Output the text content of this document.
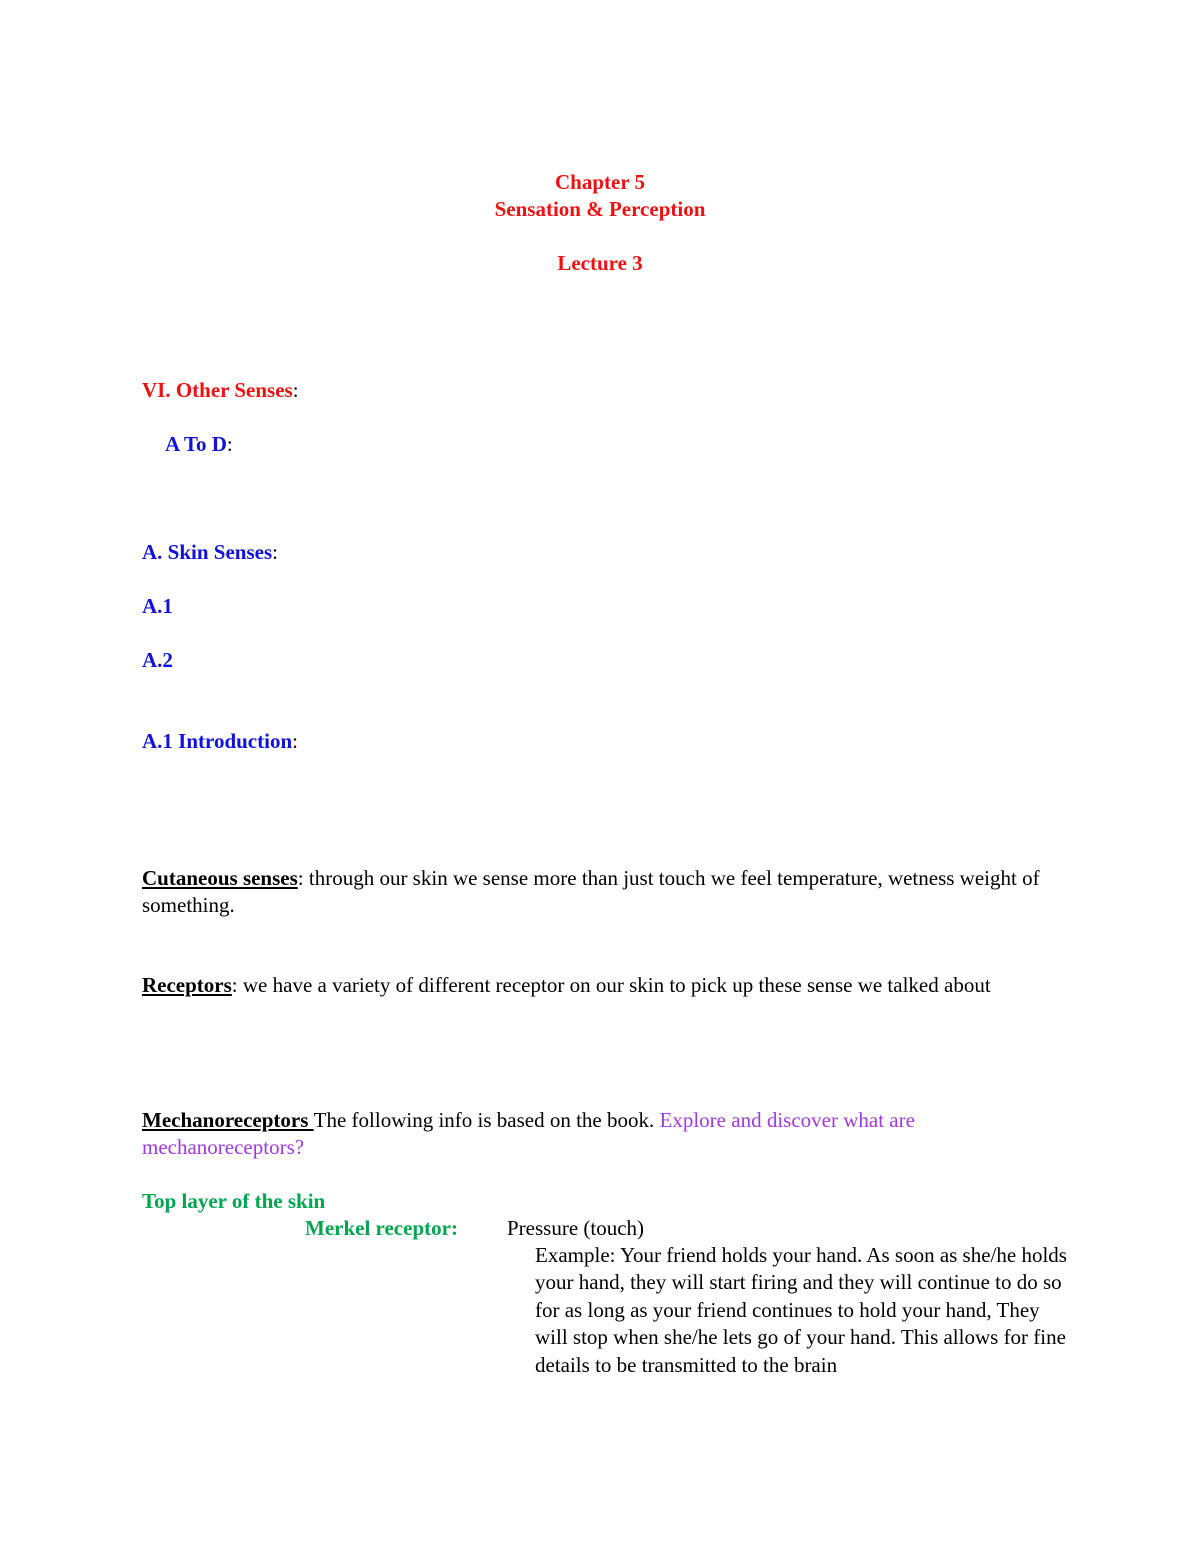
Chapter 5
Sensation & Perception
Lecture 3
VI. Other Senses:
A To D:
A. Skin Senses:
A.1
A.2
A.1 Introduction:
Cutaneous senses: through our skin we sense more than just touch we feel temperature, wetness weight of something.
Receptors: we have a variety of different receptor on our skin to pick up these sense we talked about
Mechanoreceptors The following info is based on the book. Explore and discover what are mechanoreceptors?
Top layer of the skin
Merkel receptor: Pressure (touch)
Example: Your friend holds your hand. As soon as she/he holds your hand, they will start firing and they will continue to do so for as long as your friend continues to hold your hand, They will stop when she/he lets go of your hand. This allows for fine details to be transmitted to the brain
